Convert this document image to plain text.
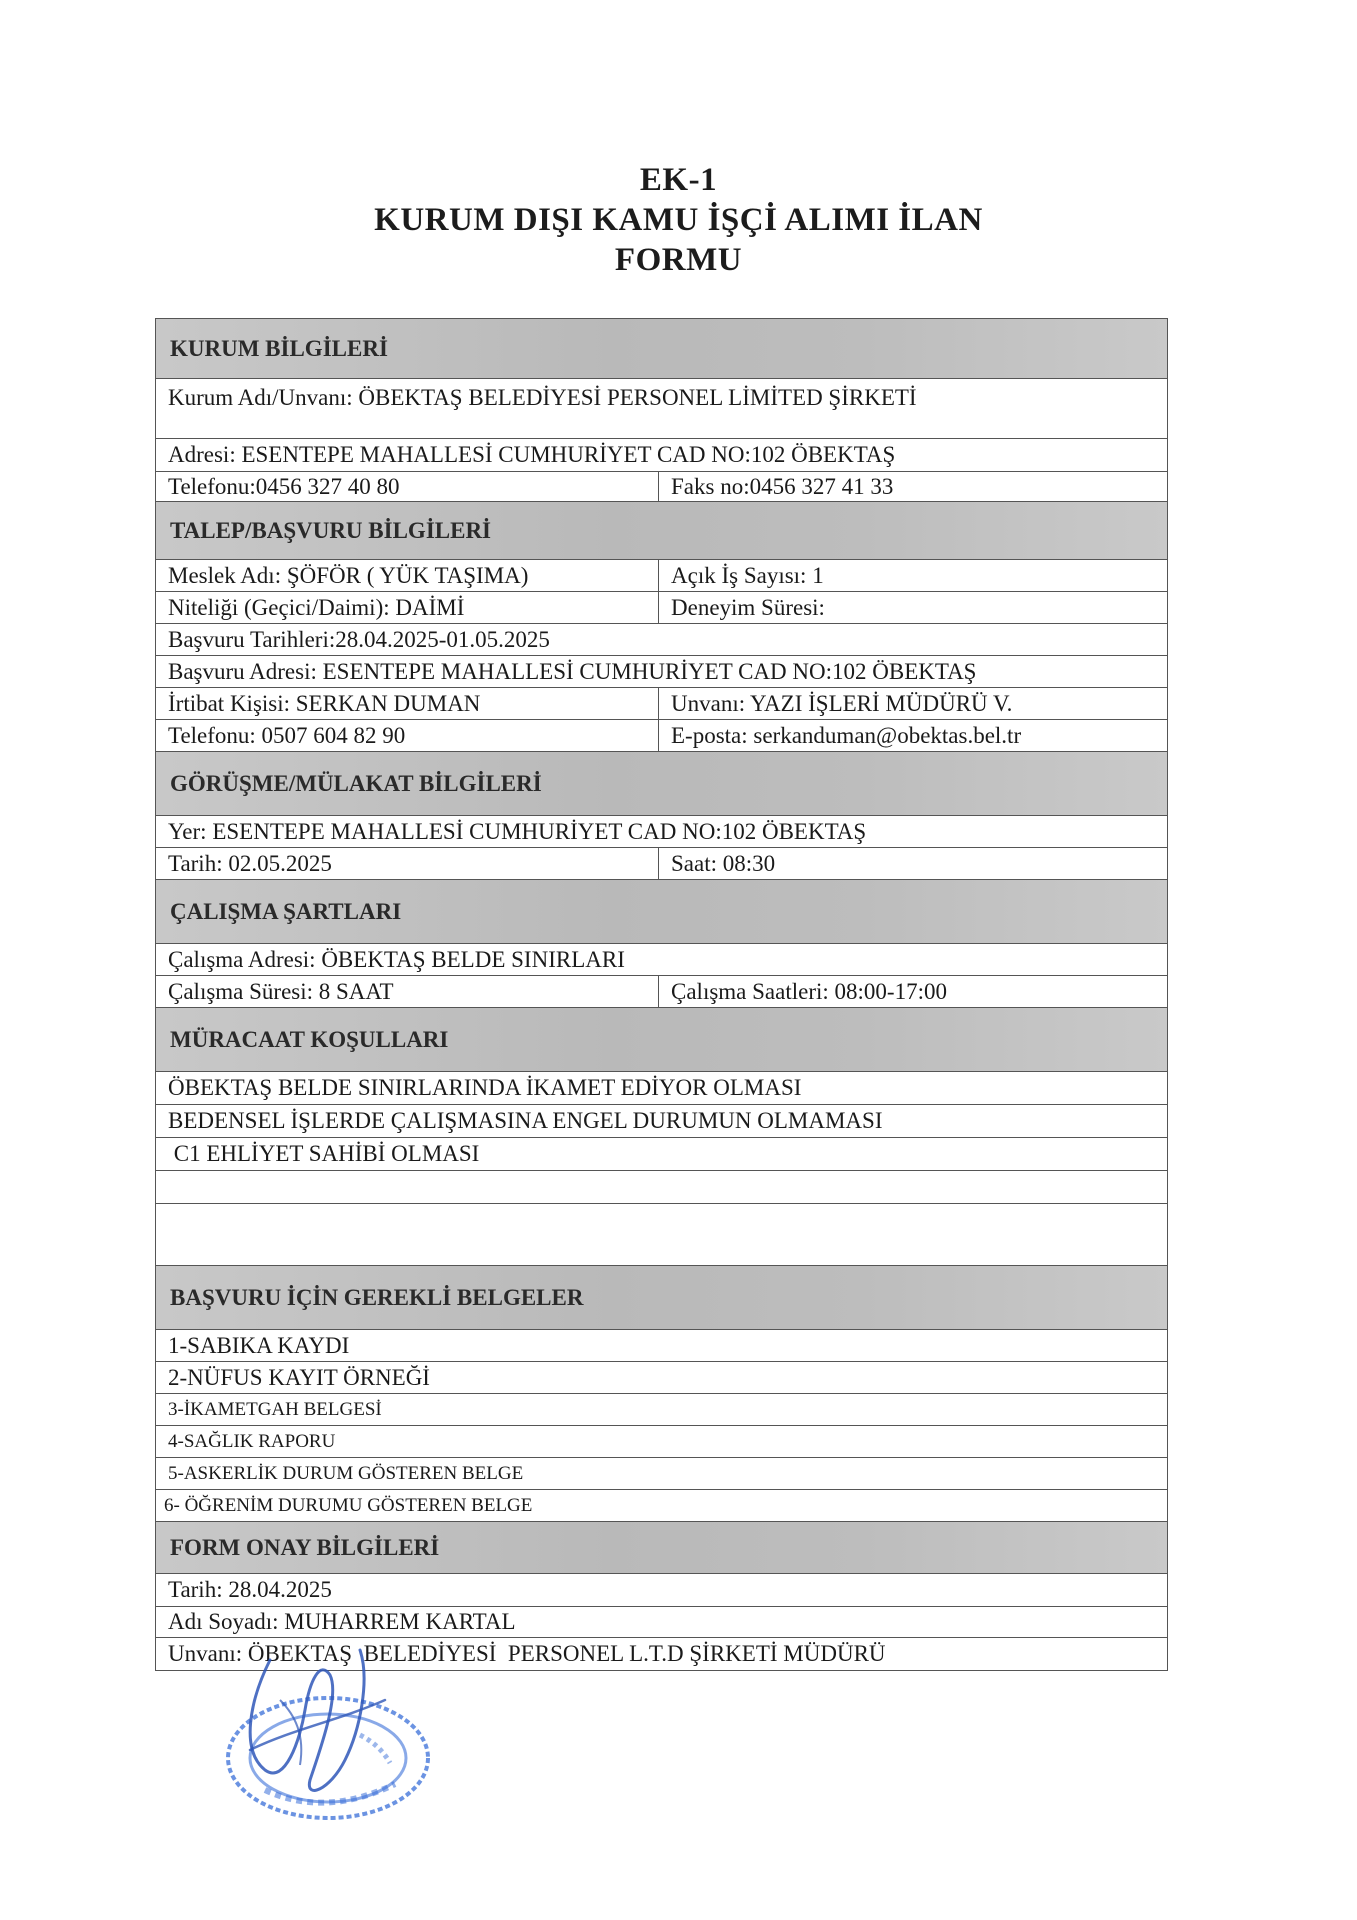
EK-1
KURUM DIŞI KAMU İŞÇİ ALIMI İLAN
FORMU
KURUM BİLGİLERİ
Kurum Adı/Unvanı: ÖBEKTAŞ BELEDİYESİ PERSONEL LİMİTED ŞİRKETİ
Adresi: ESENTEPE MAHALLESİ CUMHURİYET CAD NO:102 ÖBEKTAŞ
Telefonu:0456 327 40 80	Faks no:0456 327 41 33
TALEP/BAŞVURU BİLGİLERİ
Meslek Adı: ŞÖFÖR ( YÜK TAŞIMA)	Açık İş Sayısı: 1
Niteliği (Geçici/Daimi): DAİMİ	Deneyim Süresi:
Başvuru Tarihleri:28.04.2025-01.05.2025
Başvuru Adresi: ESENTEPE MAHALLESİ CUMHURİYET CAD NO:102 ÖBEKTAŞ
İrtibat Kişisi: SERKAN DUMAN	Unvanı: YAZI İŞLERİ MÜDÜRÜ V.
Telefonu: 0507 604 82 90	E-posta: serkanduman@obektas.bel.tr
GÖRÜŞME/MÜLAKAT BİLGİLERİ
Yer: ESENTEPE MAHALLESİ CUMHURİYET CAD NO:102 ÖBEKTAŞ
Tarih: 02.05.2025	Saat: 08:30
ÇALIŞMA ŞARTLARI
Çalışma Adresi: ÖBEKTAŞ BELDE SINIRLARI
Çalışma Süresi: 8 SAAT	Çalışma Saatleri: 08:00-17:00
MÜRACAAT KOŞULLARI
ÖBEKTAŞ BELDE SINIRLARINDA İKAMET EDİYOR OLMASI
BEDENSEL İŞLERDE ÇALIŞMASINA ENGEL DURUMUN OLMAMASI
C1 EHLİYET SAHİBİ OLMASI
BAŞVURU İÇİN GEREKLİ BELGELER
1-SABIKA KAYDI
2-NÜFUS KAYIT ÖRNEĞİ
3-İKAMETGAH BELGESİ
4-SAĞLIK RAPORU
5-ASKERLİK DURUM GÖSTEREN BELGE
6- ÖĞRENİM DURUMU GÖSTEREN BELGE
FORM ONAY BİLGİLERİ
Tarih: 28.04.2025
Adı Soyadı: MUHARREM KARTAL
Unvanı: ÖBEKTAŞ  BELEDİYESİ  PERSONEL L.T.D ŞİRKETİ MÜDÜRÜ
